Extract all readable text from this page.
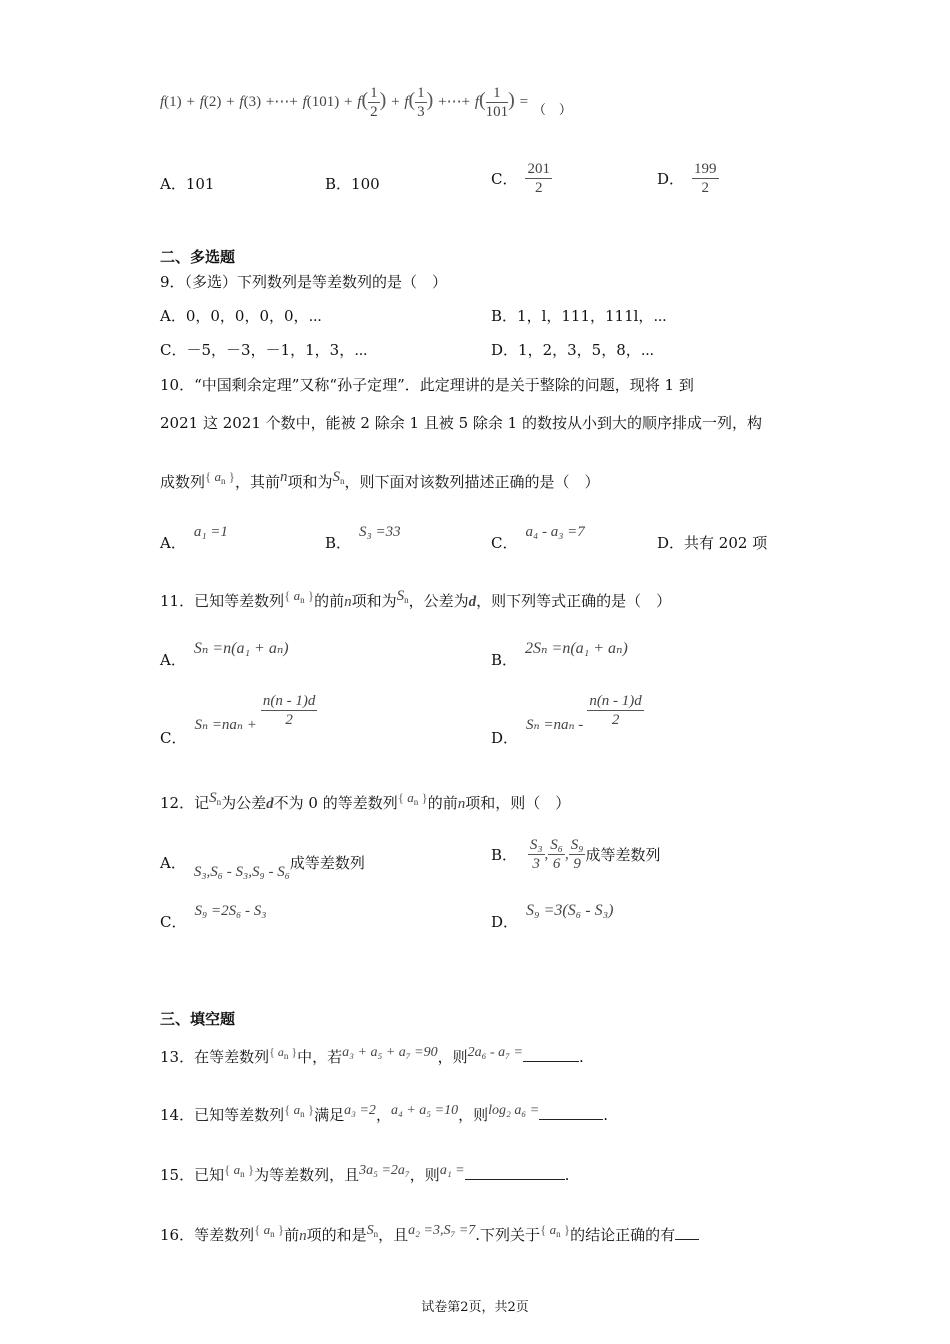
f(1) + f(2) + f(3) +⋯+ $f(101) + f( \frac{1}{2}$ ) + $f( \frac{1}{3}$ ) +⋯+ $f( \frac{1}{101}$ ) = （　）
A．101	B．100	C． $\frac{201}{2}$	D． $\frac{199}{2}$
二、多选题
9．（多选）下列数列是等差数列的是（　）
A．0，0，0，0，0，⋯	B．1，l，111，111l，⋯
C．－5，－3，－1，1，3，⋯	D．1，2，3，5，8，⋯
10．“中国剩余定理”又称“孙子定理”．此定理讲的是关于整除的问题，现将 1 到
2021 这 2021 个数中，能被 2 除余 1 且被 5 除余 1 的数按从小到大的顺序排成一列，构
成数列$^{\{ a_n \}}$，其前$^n$项和为$^{S_n}$，则下面对该数列描述正确的是（　）
A．a₁ =1
B．S₃ =33
C．a₄ - a₃ =7
D．共有 202 项
11．已知等差数列$^{\{ a_n \}}$的前n项和为$^{S_n}$，公差为d，则下列等式正确的是（　）
A．Sₙ =n(a₁ + aₙ)
B．2Sₙ =n(a₁ + aₙ)
C．$S_n =na_n + \frac{n(n - 1)d}{2}$
D．$S_n =na_n - \frac{n(n - 1)d}{2}$
12．记$^{S_n}$为公差d不为 0 的等差数列$^{\{ a_n \}}$的前n项和，则（　）
A． S₃,S₆ - S₃,S₉ - S₆成等差数列	B． $\frac{\text{S₃}}{3}$ , $\frac{\text{S₆}}{6}$ , $\frac{\text{S₉}}{9}$ 成等差数列
C．S₉ =2S₆ - S₃
D．S₉ =3(S₆ - S₃)
三、填空题
13．在等差数列$^{\{ a_n \}}$中，若$^{a_3 + a_5 + a_7 =90}$，则$^{2a_6 - a_7 =}$	.
14．已知等差数列$^{\{ a_n \}}$满足$^{a_3 =2}$，$^{a_4 + a_5 =10}$，则$^{log_2 a_6 =}$	.
15．已知$^{\{ a_n \}}$为等差数列，且$^{3a_5 =2a_7}$，则$^{a_1 =}$	.
16．等差数列$^{\{ a_n \}}$前n项的和是$^{S_n}$，且$^{a_2 =3,S_7 =7}$.下列关于$^{\{ a_n \}}$的结论正确的有
试卷第2页，共2页
